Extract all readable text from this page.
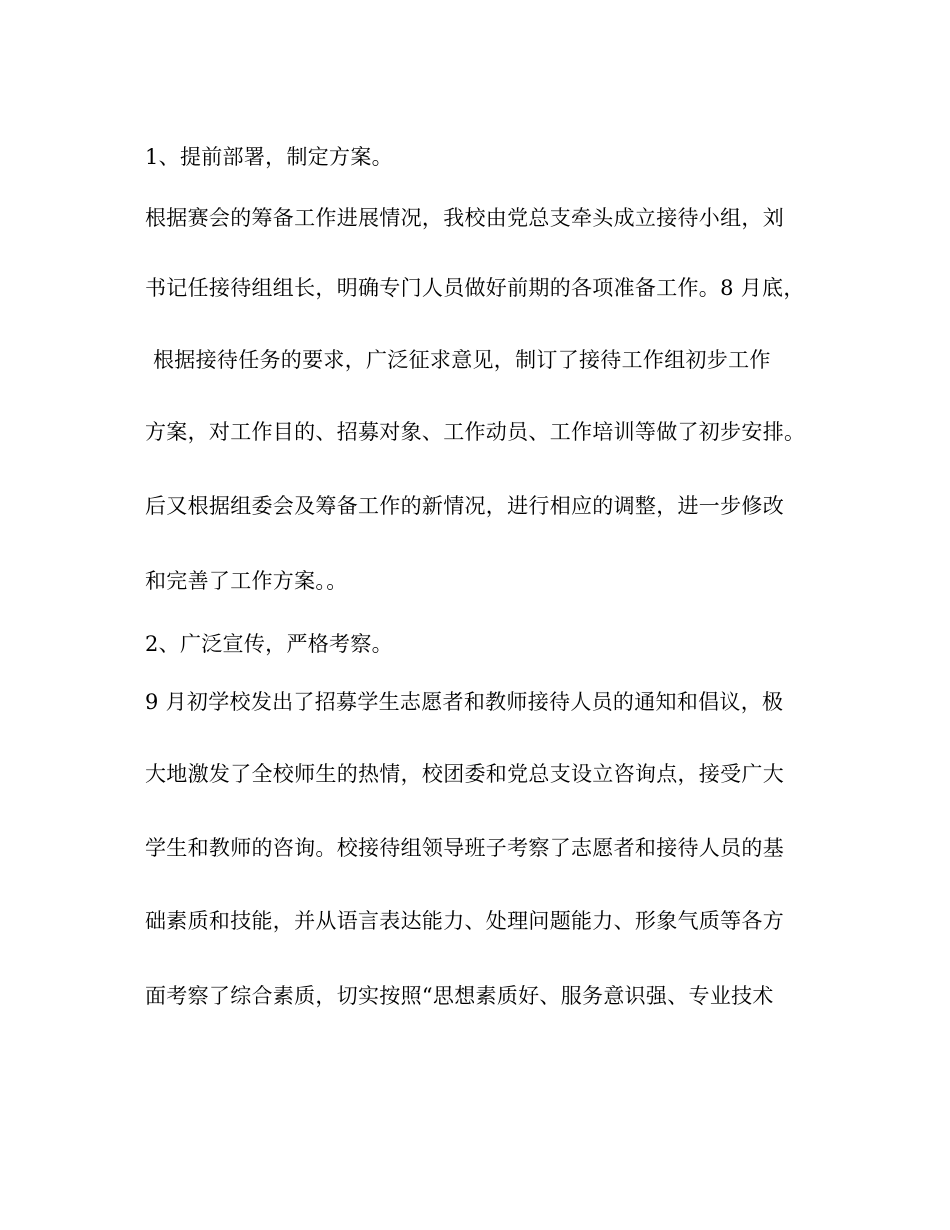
1、提前部署，制定方案。
根据赛会的筹备工作进展情况，我校由党总支牵头成立接待小组，刘
书记任接待组组长，明确专门人员做好前期的各项准备工作。8 月底，
根据接待任务的要求，广泛征求意见，制订了接待工作组初步工作
方案，对工作目的、招募对象、工作动员、工作培训等做了初步安排。
后又根据组委会及筹备工作的新情况，进行相应的调整，进一步修改
和完善了工作方案。。
2、广泛宣传，严格考察。
9 月初学校发出了招募学生志愿者和教师接待人员的通知和倡议，极
大地激发了全校师生的热情，校团委和党总支设立咨询点，接受广大
学生和教师的咨询。校接待组领导班子考察了志愿者和接待人员的基
础素质和技能，并从语言表达能力、处理问题能力、形象气质等各方
面考察了综合素质，切实按照“思想素质好、服务意识强、专业技术
